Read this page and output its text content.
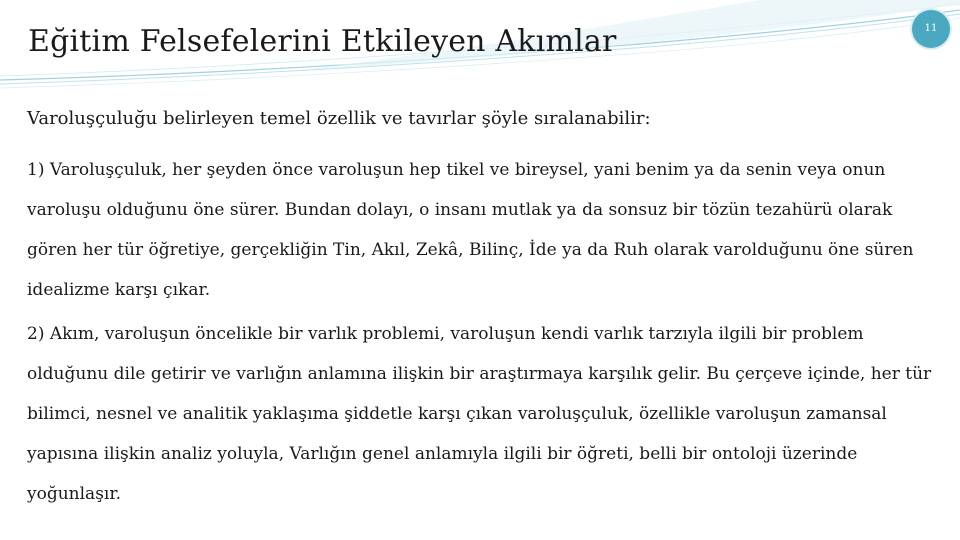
Eğitim Felsefelerini Etkileyen Akımlar	11

Varoluşçuluğu belirleyen temel özellik ve tavırlar şöyle sıralanabilir:

1) Varoluşçuluk, her şeyden önce varoluşun hep tikel ve bireysel, yani benim ya da senin veya onun varoluşu olduğunu öne sürer. Bundan dolayı, o insanı mutlak ya da sonsuz bir tözün tezahürü olarak gören her tür öğretiye, gerçekliğin Tin, Akıl, Zekâ, Bilinç, İde ya da Ruh olarak varolduğunu öne süren idealizme karşı çıkar.

2) Akım, varoluşun öncelikle bir varlık problemi, varoluşun kendi varlık tarzıyla ilgili bir problem olduğunu dile getirir ve varlığın anlamına ilişkin bir araştırmaya karşılık gelir. Bu çerçeve içinde, her tür bilimci, nesnel ve analitik yaklaşıma şiddetle karşı çıkan varoluşçuluk, özellikle varoluşun zamansal yapısına ilişkin analiz yoluyla, Varlığın genel anlamıyla ilgili bir öğreti, belli bir ontoloji üzerinde yoğunlaşır.
